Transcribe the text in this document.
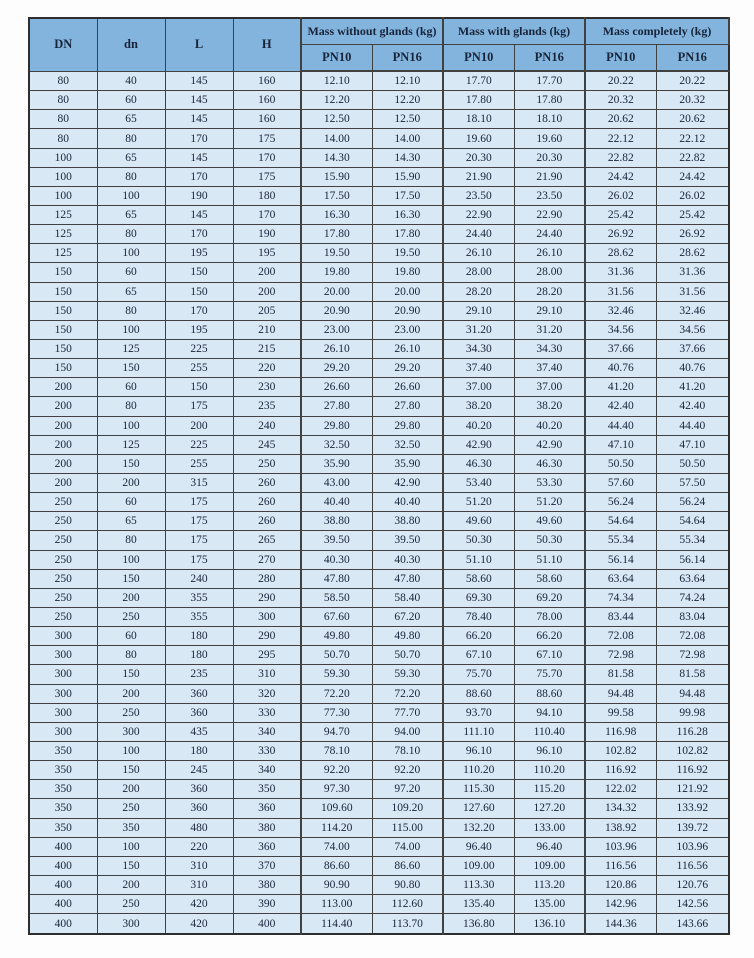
DN	dn	L	H	Mass without glands (kg)		Mass with glands (kg)		Mass completely (kg)	
				PN10	PN16	PN10	PN16	PN10	PN16
80	40	145	160	12.10	12.10	17.70	17.70	20.22	20.22
80	60	145	160	12.20	12.20	17.80	17.80	20.32	20.32
80	65	145	160	12.50	12.50	18.10	18.10	20.62	20.62
80	80	170	175	14.00	14.00	19.60	19.60	22.12	22.12
100	65	145	170	14.30	14.30	20.30	20.30	22.82	22.82
100	80	170	175	15.90	15.90	21.90	21.90	24.42	24.42
100	100	190	180	17.50	17.50	23.50	23.50	26.02	26.02
125	65	145	170	16.30	16.30	22.90	22.90	25.42	25.42
125	80	170	190	17.80	17.80	24.40	24.40	26.92	26.92
125	100	195	195	19.50	19.50	26.10	26.10	28.62	28.62
150	60	150	200	19.80	19.80	28.00	28.00	31.36	31.36
150	65	150	200	20.00	20.00	28.20	28.20	31.56	31.56
150	80	170	205	20.90	20.90	29.10	29.10	32.46	32.46
150	100	195	210	23.00	23.00	31.20	31.20	34.56	34.56
150	125	225	215	26.10	26.10	34.30	34.30	37.66	37.66
150	150	255	220	29.20	29.20	37.40	37.40	40.76	40.76
200	60	150	230	26.60	26.60	37.00	37.00	41.20	41.20
200	80	175	235	27.80	27.80	38.20	38.20	42.40	42.40
200	100	200	240	29.80	29.80	40.20	40.20	44.40	44.40
200	125	225	245	32.50	32.50	42.90	42.90	47.10	47.10
200	150	255	250	35.90	35.90	46.30	46.30	50.50	50.50
200	200	315	260	43.00	42.90	53.40	53.30	57.60	57.50
250	60	175	260	40.40	40.40	51.20	51.20	56.24	56.24
250	65	175	260	38.80	38.80	49.60	49.60	54.64	54.64
250	80	175	265	39.50	39.50	50.30	50.30	55.34	55.34
250	100	175	270	40.30	40.30	51.10	51.10	56.14	56.14
250	150	240	280	47.80	47.80	58.60	58.60	63.64	63.64
250	200	355	290	58.50	58.40	69.30	69.20	74.34	74.24
250	250	355	300	67.60	67.20	78.40	78.00	83.44	83.04
300	60	180	290	49.80	49.80	66.20	66.20	72.08	72.08
300	80	180	295	50.70	50.70	67.10	67.10	72.98	72.98
300	150	235	310	59.30	59.30	75.70	75.70	81.58	81.58
300	200	360	320	72.20	72.20	88.60	88.60	94.48	94.48
300	250	360	330	77.30	77.70	93.70	94.10	99.58	99.98
300	300	435	340	94.70	94.00	111.10	110.40	116.98	116.28
350	100	180	330	78.10	78.10	96.10	96.10	102.82	102.82
350	150	245	340	92.20	92.20	110.20	110.20	116.92	116.92
350	200	360	350	97.30	97.20	115.30	115.20	122.02	121.92
350	250	360	360	109.60	109.20	127.60	127.20	134.32	133.92
350	350	480	380	114.20	115.00	132.20	133.00	138.92	139.72
400	100	220	360	74.00	74.00	96.40	96.40	103.96	103.96
400	150	310	370	86.60	86.60	109.00	109.00	116.56	116.56
400	200	310	380	90.90	90.80	113.30	113.20	120.86	120.76
400	250	420	390	113.00	112.60	135.40	135.00	142.96	142.56
400	300	420	400	114.40	113.70	136.80	136.10	144.36	143.66
